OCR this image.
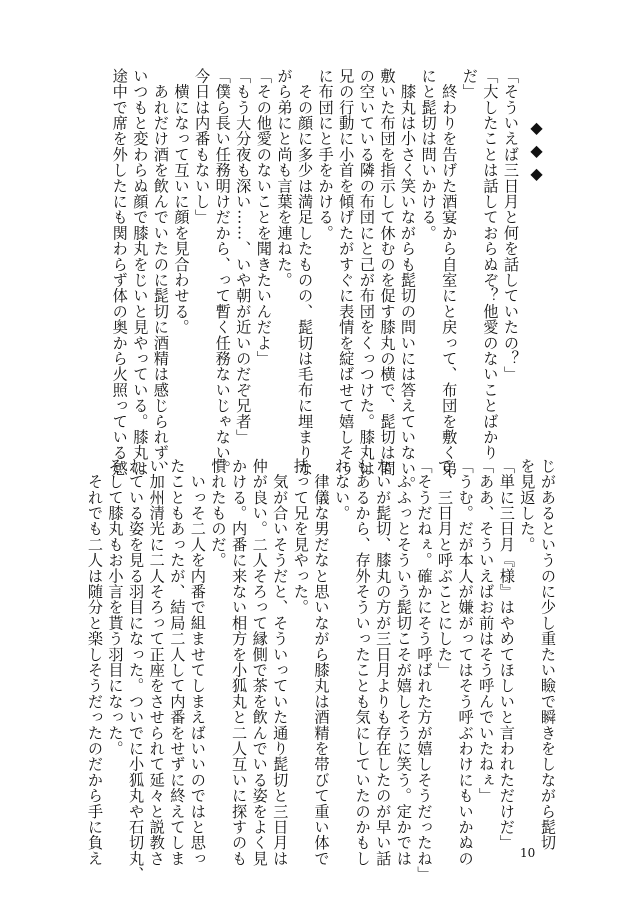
「そういえば三日月と何を話していたの？」
「大したことは話しておらぬぞ？他愛のないことばかり
だ」
　終わりを告げた酒宴から自室にと戻って、布団を敷く弟
にと髭切は問いかける。
　膝丸は小さく笑いながらも髭切の問いには答えていない。
敷いた布団を指示して休むのを促す膝丸の横で、髭切は間
の空いている隣の布団にと己が布団をくっつけた。膝丸は
兄の行動に小首を傾げたがすぐに表情を綻ばせて嬉しそう
に布団にと手をかける。
　その顔に多少は満足したものの、髭切は毛布に埋まりな
がら弟にと尚も言葉を連ねた。
「その他愛のないことを聞きたいんだよ」
「もう大分夜も深い……、いや朝が近いのだぞ兄者」
「僕ら長い任務明けだから、って暫く任務ないじゃない。
今日は内番もないし」
　横になって互いに顔を見合わせる。
　あれだけ酒を飲んでいたのに髭切に酒精は感じられず、
いつもと変わらぬ顔で膝丸をじいと見やっている。膝丸は
途中で席を外したにも関わらず体の奥から火照っている感
じがあるというのに少し重たい瞼で瞬きをしながら髭切
を見返した。
「単に三日月『様』はやめてほしいと言われただけだ」
「ああ、そういえばお前はそう呼んでいたねぇ」
「うむ。だが本人が嫌がってはそう呼ぶわけにもいかぬの
で、三日月と呼ぶことにした」
「そうだねぇ。確かにそう呼ばれた方が嬉しそうだったね」
　ふふっとそういう髭切こそが嬉しそうに笑う。定かでは
ないが髭切、膝丸の方が三日月よりも存在したのが早い話
もあるから、存外そういったことも気にしていたのかもし
れない。
　律儀な男だなと思いながら膝丸は酒精を帯びて重い体で
持って兄を見やった。
　気が合いそうだと、そういっていた通り髭切と三日月は
仲が良い。二人そろって縁側で茶を飲んでいる姿をよく見
かける。内番に来ない相方を小狐丸と二人互いに探すのも
慣れたものだ。
　いっそ二人を内番で組ませてしまえばいいのではと思っ
たこともあったが、結局二人して内番をせずに終えてしま
い加州清光に二人そろって正座をさせられて延々と説教さ
れている姿を見る羽目になった。ついでに小狐丸や石切丸、
そして膝丸もお小言を貰う羽目になった。
　それでも二人は随分と楽しそうだったのだから手に負え	10
◆◆◆
